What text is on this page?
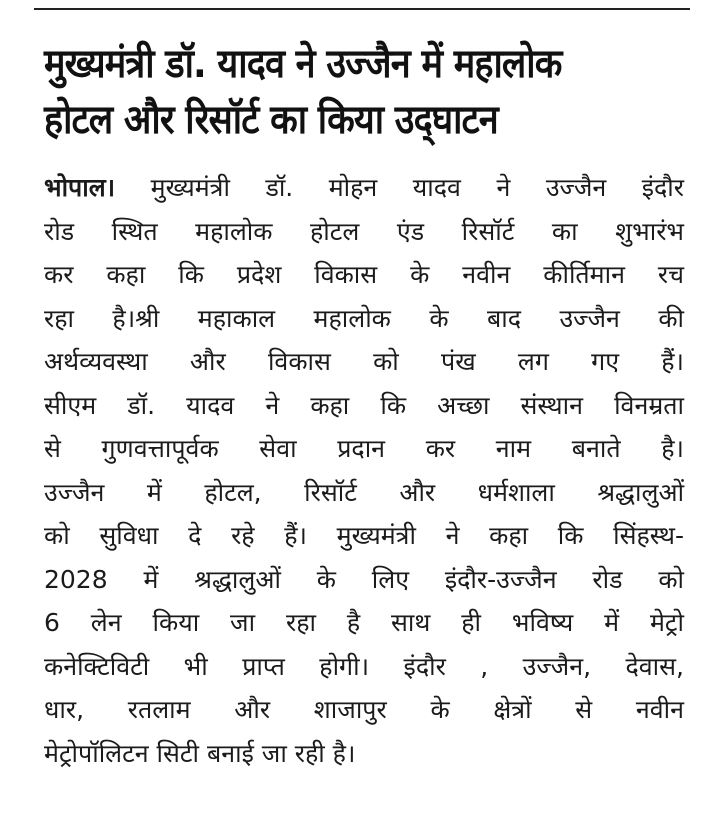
मुख्यमंत्री डॉ. यादव ने उज्जैन में महालोक
होटल और रिसॉर्ट का किया उद्‌घाटन
भोपाल। मुख्यमंत्री डॉ. मोहन यादव ने उज्जैन इंदौर
रोड स्थित महालोक होटल एंड रिसॉर्ट का शुभारंभ
कर कहा कि प्रदेश विकास के नवीन कीर्तिमान रच
रहा है।श्री महाकाल महालोक के बाद उज्जैन की
अर्थव्यवस्था और विकास को पंख लग गए हैं।
सीएम डॉ. यादव ने कहा कि अच्छा संस्थान विनम्रता
से गुणवत्तापूर्वक सेवा प्रदान कर नाम बनाते है।
उज्जैन में होटल, रिसॉर्ट और धर्मशाला श्रद्धालुओं
को सुविधा दे रहे हैं। मुख्यमंत्री ने कहा कि सिंहस्थ-
2028 में श्रद्धालुओं के लिए इंदौर-उज्जैन रोड को
6 लेन किया जा रहा है साथ ही भविष्य में मेट्रो
कनेक्टिविटी भी प्राप्त होगी। इंदौर , उज्जैन, देवास,
धार, रतलाम और शाजापुर के क्षेत्रों से नवीन
मेट्रोपॉलिटन सिटी बनाई जा रही है।
